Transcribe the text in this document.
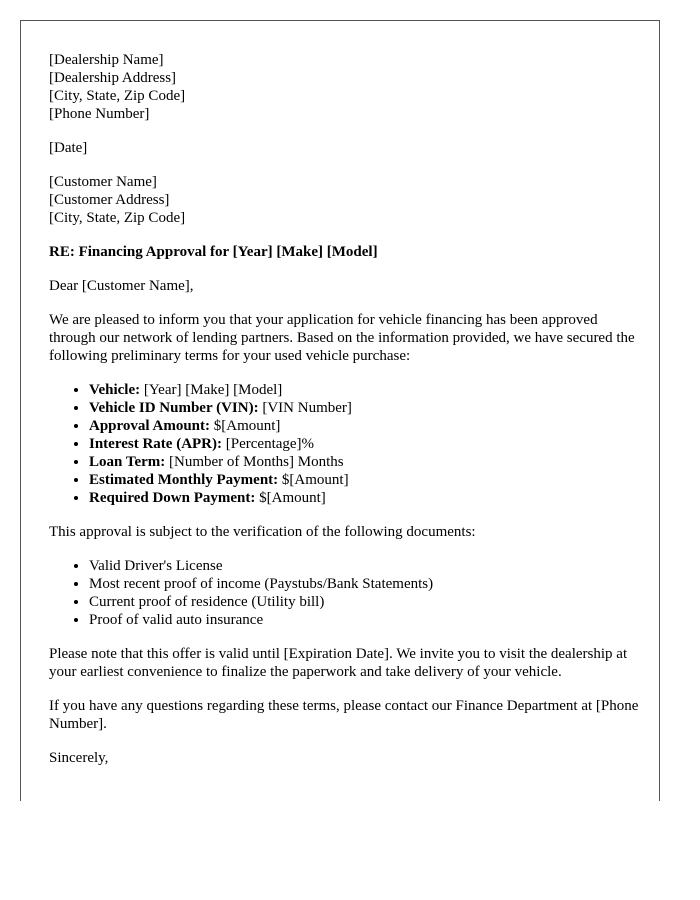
[Dealership Name]
[Dealership Address]
[City, State, Zip Code]
[Phone Number]
[Date]
[Customer Name]
[Customer Address]
[City, State, Zip Code]
RE: Financing Approval for [Year] [Make] [Model]
Dear [Customer Name],
We are pleased to inform you that your application for vehicle financing has been approved through our network of lending partners. Based on the information provided, we have secured the following preliminary terms for your used vehicle purchase:
• Vehicle: [Year] [Make] [Model]
• Vehicle ID Number (VIN): [VIN Number]
• Approval Amount: $[Amount]
• Interest Rate (APR): [Percentage]%
• Loan Term: [Number of Months] Months
• Estimated Monthly Payment: $[Amount]
• Required Down Payment: $[Amount]
This approval is subject to the verification of the following documents:
• Valid Driver's License
• Most recent proof of income (Paystubs/Bank Statements)
• Current proof of residence (Utility bill)
• Proof of valid auto insurance
Please note that this offer is valid until [Expiration Date]. We invite you to visit the dealership at your earliest convenience to finalize the paperwork and take delivery of your vehicle.
If you have any questions regarding these terms, please contact our Finance Department at [Phone Number].
Sincerely,
